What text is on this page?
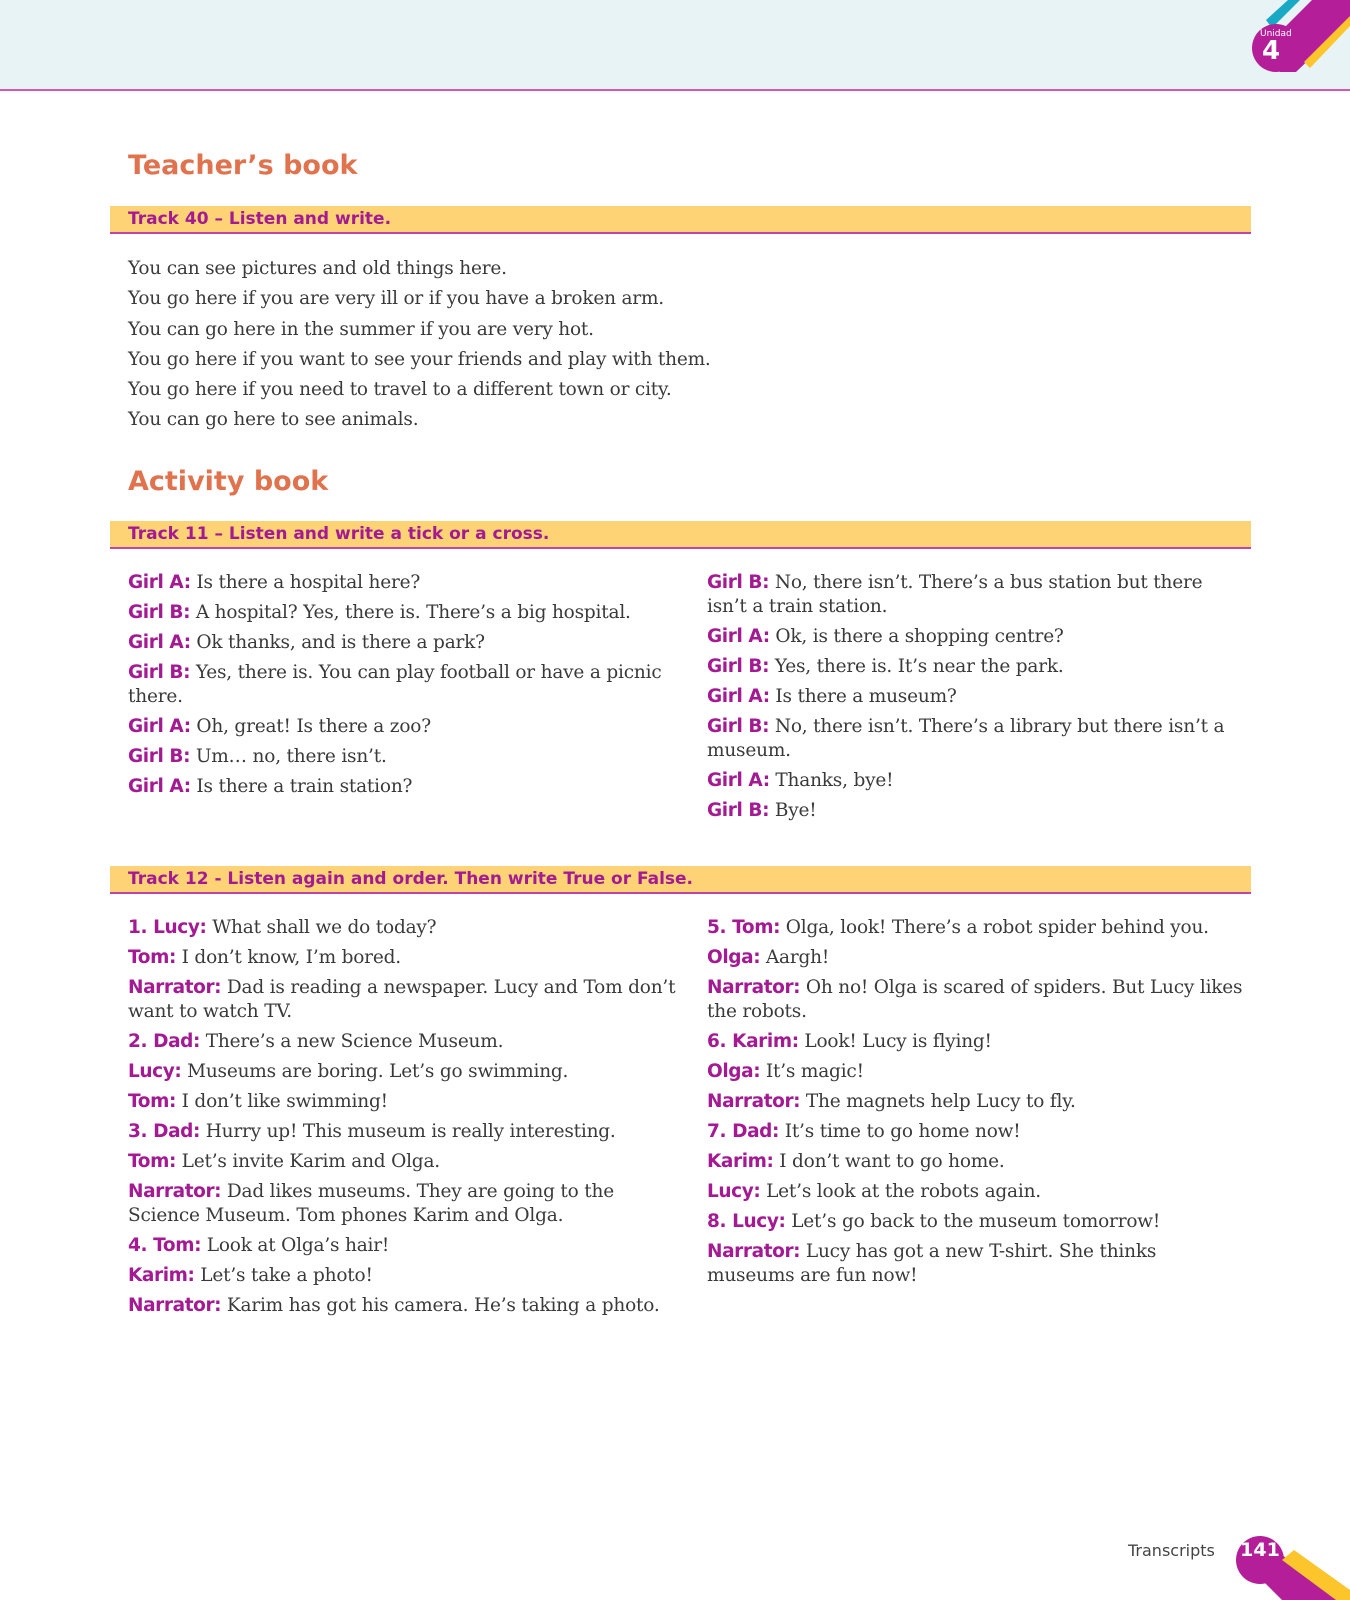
Unidad
4
Teacher’s book
Track 40 – Listen and write.

You can see pictures and old things here.

You go here if you are very ill or if you have a broken arm.

You can go here in the summer if you are very hot.

You go here if you want to see your friends and play with them.

You go here if you need to travel to a different town or city.

You can go here to see animals.

Activity book
Track 11 – Listen and write a tick or a cross.

Girl A: Is there a hospital here?

Girl B: A hospital? Yes, there is. There’s a big hospital.

Girl A: Ok thanks, and is there a park?

Girl B: Yes, there is. You can play football or have a picnic there.

Girl A: Oh, great! Is there a zoo?

Girl B: Um… no, there isn’t.

Girl A: Is there a train station?

Girl B: No, there isn’t. There’s a bus station but there isn’t a train station.

Girl A: Ok, is there a shopping centre?

Girl B: Yes, there is. It’s near the park.

Girl A: Is there a museum?

Girl B: No, there isn’t. There’s a library but there isn’t a museum.

Girl A: Thanks, bye!

Girl B: Bye!

Track 12 - Listen again and order. Then write True or False.

1. Lucy: What shall we do today?

Tom: I don’t know, I’m bored.

Narrator: Dad is reading a newspaper. Lucy and Tom don’t want to watch TV.

2. Dad: There’s a new Science Museum.

Lucy: Museums are boring. Let’s go swimming.

Tom: I don’t like swimming!

3. Dad: Hurry up! This museum is really interesting.

Tom: Let’s invite Karim and Olga.

Narrator: Dad likes museums. They are going to the Science Museum. Tom phones Karim and Olga.

4. Tom: Look at Olga’s hair!

Karim: Let’s take a photo!

Narrator: Karim has got his camera. He’s taking a photo.

5. Tom: Olga, look! There’s a robot spider behind you.

Olga: Aargh!

Narrator: Oh no! Olga is scared of spiders. But Lucy likes the robots.

6. Karim: Look! Lucy is flying!

Olga: It’s magic!

Narrator: The magnets help Lucy to fly.

7. Dad: It’s time to go home now!

Karim: I don’t want to go home.

Lucy: Let’s look at the robots again.

8. Lucy: Let’s go back to the museum tomorrow!

Narrator: Lucy has got a new T-shirt. She thinks museums are fun now!

Transcripts 141
